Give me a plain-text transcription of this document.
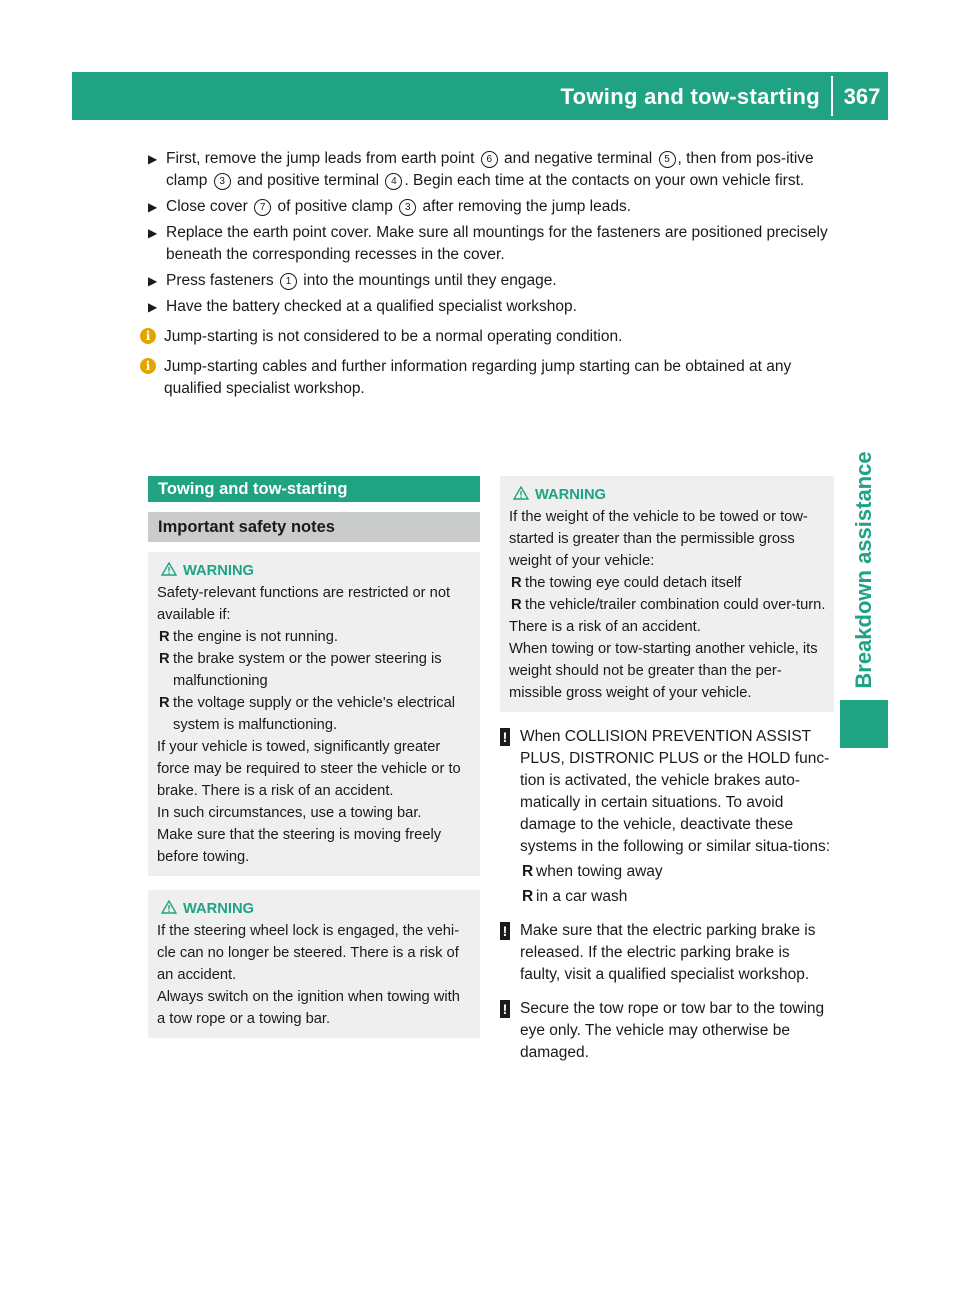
Towing and tow-starting 367
Breakdown assistance
▶ First, remove the jump leads from earth point 6 and negative terminal 5 , then from pos-itive clamp 3 and positive terminal 4 . Begin each time at the contacts on your own vehicle first.
▶ Close cover 7 of positive clamp 3 after removing the jump leads.
▶ Replace the earth point cover. Make sure all mountings for the fasteners are positioned precisely beneath the corresponding recesses in the cover.
▶ Press fasteners 1 into the mountings until they engage.
▶ Have the battery checked at a qualified specialist workshop.
i Jump-starting is not considered to be a normal operating condition.
i Jump-starting cables and further information regarding jump starting can be obtained at any qualified specialist workshop.
Towing and tow-starting
Important safety notes
WARNING
Safety-relevant functions are restricted or not available if:
R the engine is not running.
R the brake system or the power steering is malfunctioning
R the voltage supply or the vehicle's electrical system is malfunctioning.
If your vehicle is towed, significantly greater force may be required to steer the vehicle or to brake. There is a risk of an accident.
In such circumstances, use a towing bar.
Make sure that the steering is moving freely before towing.
WARNING
If the steering wheel lock is engaged, the vehi-cle can no longer be steered. There is a risk of an accident.
Always switch on the ignition when towing with a tow rope or a towing bar.
WARNING
If the weight of the vehicle to be towed or tow-started is greater than the permissible gross weight of your vehicle:
R the towing eye could detach itself
R the vehicle/trailer combination could over-turn.
There is a risk of an accident.
When towing or tow-starting another vehicle, its weight should not be greater than the per-missible gross weight of your vehicle.
! When COLLISION PREVENTION ASSIST PLUS, DISTRONIC PLUS or the HOLD func-tion is activated, the vehicle brakes auto-matically in certain situations. To avoid damage to the vehicle, deactivate these systems in the following or similar situa-tions:
R when towing away
R in a car wash
! Make sure that the electric parking brake is released. If the electric parking brake is faulty, visit a qualified specialist workshop.
! Secure the tow rope or tow bar to the towing eye only. The vehicle may otherwise be damaged.
